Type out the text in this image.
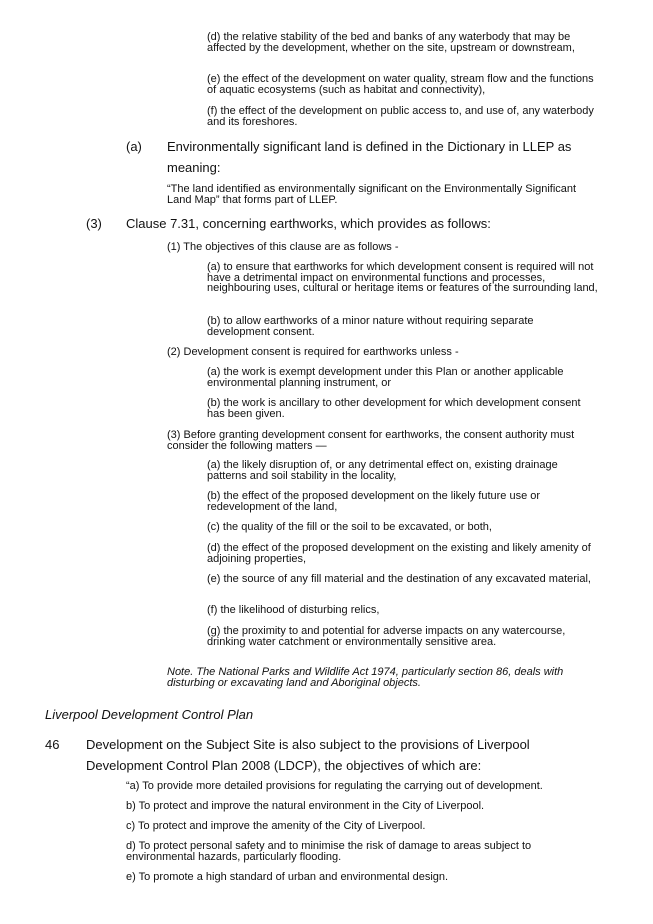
(d) the relative stability of the bed and banks of any waterbody that may be affected by the development, whether on the site, upstream or downstream,

(e) the effect of the development on water quality, stream flow and the functions of aquatic ecosystems (such as habitat and connectivity),

(f) the effect of the development on public access to, and use of, any waterbody and its foreshores.

(a) Environmentally significant land is defined in the Dictionary in LLEP as meaning:

“The land identified as environmentally significant on the Environmentally Significant Land Map” that forms part of LLEP.

(3) Clause 7.31, concerning earthworks, which provides as follows:

(1) The objectives of this clause are as follows -

(a) to ensure that earthworks for which development consent is required will not have a detrimental impact on environmental functions and processes, neighbouring uses, cultural or heritage items or features of the surrounding land,

(b) to allow earthworks of a minor nature without requiring separate development consent.

(2) Development consent is required for earthworks unless -

(a) the work is exempt development under this Plan or another applicable environmental planning instrument, or

(b) the work is ancillary to other development for which development consent has been given.

(3) Before granting development consent for earthworks, the consent authority must consider the following matters —

(a) the likely disruption of, or any detrimental effect on, existing drainage patterns and soil stability in the locality,

(b) the effect of the proposed development on the likely future use or redevelopment of the land,

(c) the quality of the fill or the soil to be excavated, or both,

(d) the effect of the proposed development on the existing and likely amenity of adjoining properties,

(e) the source of any fill material and the destination of any excavated material,

(f) the likelihood of disturbing relics,

(g) the proximity to and potential for adverse impacts on any watercourse, drinking water catchment or environmentally sensitive area.

Note. The National Parks and Wildlife Act 1974, particularly section 86, deals with disturbing or excavating land and Aboriginal objects.

Liverpool Development Control Plan

46 Development on the Subject Site is also subject to the provisions of Liverpool Development Control Plan 2008 (LDCP), the objectives of which are:

“a) To provide more detailed provisions for regulating the carrying out of development.

b) To protect and improve the natural environment in the City of Liverpool.

c) To protect and improve the amenity of the City of Liverpool.

d) To protect personal safety and to minimise the risk of damage to areas subject to environmental hazards, particularly flooding.

e) To promote a high standard of urban and environmental design.
